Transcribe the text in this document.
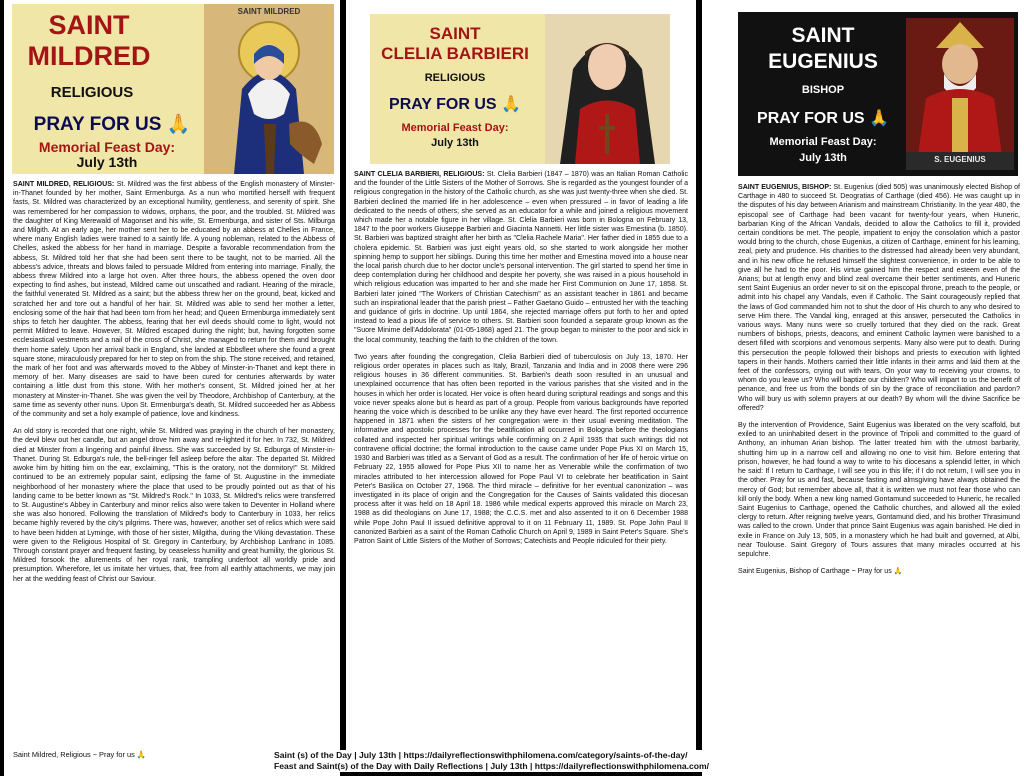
SAINT
MILDRED
RELIGIOUS
PRAY FOR US 🙏
Memorial Feast Day:
July 13th
SAINT MILDRED

SAINT MILDRED, RELIGIOUS: St. Mildred was the first abbess of the English monastery of Minster-in-Thanet founded by her mother, Saint Ermenburga. As a nun who mortified herself with frequent fasts, St. Mildred was characterized by an exceptional humility, gentleness, and serenity of spirit. She was remembered for her compassion to widows, orphans, the poor, and the troubled. St. Mildred was the daughter of King Merewald of Magonset and his wife, St. Ermenburga, and sister of Sts. Milburga and Milgith. At an early age, her mother sent her to be educated by an abbess at Chelles in France, where many English ladies were trained to a saintly life. A young nobleman, related to the Abbess of Chelles, asked the abbess for her hand in marriage. Despite a favorable recommendation from the abbess, St. Mildred told her that she had been sent there to be taught, not to be married. All the abbess's advice, threats and blows failed to persuade Mildred from entering into marriage. Finally, the abbess threw Mildred into a large hot oven. After three hours, the abbess opened the oven door expecting to find ashes, but instead, Mildred came out unscathed and radiant. Hearing of the miracle, the faithful venerated St. Mildred as a saint; but the abbess threw her on the ground, beat, kicked and scratched her and tore out a handful of her hair. St. Mildred was able to send her mother a letter, enclosing some of the hair that had been torn from her head; and Queen Ermenburga immediately sent ships to fetch her daughter. The abbess, fearing that her evil deeds should come to light, would not permit Mildred to leave. However, St. Mildred escaped during the night; but, having forgotten some ecclesiastical vestments and a nail of the cross of Christ, she managed to return for them and brought them home safely. Upon her arrival back in England, she landed at Ebbsfleet where she found a great square stone, miraculously prepared for her to step on from the ship. The stone received, and retained, the mark of her foot and was afterwards moved to the Abbey of Minster-in-Thanet and kept there in memory of her. Many diseases are said to have been cured for centuries afterwards by water containing a little dust from this stone. With her mother's consent, St. Mildred joined her at her monastery at Minster-in-Thanet. She was given the veil by Theodore, Archbishop of Canterbury, at the same time as seventy other nuns. Upon St. Ermenburga's death, St. Mildred succeeded her as Abbess of the community and set a holy example of patience, love and kindness.

An old story is recorded that one night, while St. Mildred was praying in the church of her monastery, the devil blew out her candle, but an angel drove him away and re-lighted it for her. In 732, St. Mildred died at Minster from a lingering and painful illness. She was succeeded by St. Edburga of Minster-in-Thanet. During St. Edburga's rule, the bell-ringer fell asleep before the altar. The departed St. Mildred awoke him by hitting him on the ear, exclaiming, "This is the oratory, not the dormitory!" St. Mildred continued to be an extremely popular saint, eclipsing the fame of St. Augustine in the immediate neighborhood of her monastery where the place that used to be proudly pointed out as that of his landing came to be better known as "St. Mildred's Rock." In 1033, St. Mildred's relics were transferred to St. Augustine's Abbey in Canterbury and minor relics also were taken to Deventer in Holland where she was also honored. Following the translation of Mildred's body to Canterbury in 1033, her relics became highly revered by the city's pilgrims. There was, however, another set of relics which were said to have been hidden at Lyminge, with those of her sister, Milgitha, during the Viking devastation. These were given to the Religious Hospital of St. Gregory in Canterbury, by Archbishop Lanfranc in 1085. Through constant prayer and frequent fasting, by ceaseless humility and great humility, the glorious St. Mildred forsook the allurements of her royal rank, trampling underfoot all worldly pride and presumption. Wherefore, let us imitate her virtues, that, free from all earthly attachments, we may join her at the wedding feast of Christ our Saviour.

Saint Mildred, Religious ~ Pray for us 🙏
SAINT
CLELIA BARBIERI
RELIGIOUS
PRAY FOR US 🙏
Memorial Feast Day:
July 13th

SAINT CLELIA BARBIERI, RELIGIOUS: St. Clelia Barbieri (1847 – 1870) was an Italian Roman Catholic and the founder of the Little Sisters of the Mother of Sorrows. She is regarded as the youngest founder of a religious congregation in the history of the Catholic church, as she was just twenty-three when she died. St. Barbieri declined the married life in her adolescence – even when pressured – in favor of leading a life dedicated to the needs of others; she served as an educator for a while and joined a religious movement which made her a notable figure in her village. St. Clelia Barbieri was born in Bologna on February 13, 1847 to the poor workers Giuseppe Barbieri and Giacinta Nannetti. Her little sister was Ernestina (b. 1850). St. Barbieri was baptized straight after her birth as "Clelia Rachele Maria". Her father died in 1855 due to a cholera epidemic. St. Barbieri was just eight years old, so she started to work alongside her mother spinning hemp to support her siblings. During this time her mother and Ernestina moved into a house near the local parish church due to her doctor uncle's personal intervention. The girl started to spend her time in deep contemplation during her childhood and despite her poverty, she was raised in a pious household in which religious education was imparted to her and she made her First Communion on June 17, 1858. St. Barbieri later joined "The Workers of Christian Catechism" as an assistant teacher in 1861 and became such an inspirational leader that the parish priest – Father Gaetano Guido – entrusted her with the teaching and guidance of girls in doctrine. Up until 1864, she rejected marriage offers put forth to her and opted instead to lead a pious life of service to others. St. Barbieri soon founded a separate group known as the "Suore Minime dell'Addolorata" (01-05-1868) aged 21. The group began to minister to the poor and sick in the local community, teaching the faith to the children of the town.

Two years after founding the congregation, Clelia Barbieri died of tuberculosis on July 13, 1870. Her religious order operates in places such as Italy, Brazil, Tanzania and India and in 2008 there were 296 religious houses in 36 different communities. St. Barbieri's death soon resulted in an unusual and unexplained occurrence that has often been reported in the various parishes that she visited and in the houses in which her order is located. Her voice is often heard during scriptural readings and songs and this voice never speaks alone but is heard as part of a group. People from various backgrounds have reported hearing the voice which is described to be unlike any they have ever heard. The first reported occurrence happened in 1871 when the sisters of her congregation were in their usual evening meditation. The informative and apostolic processes for the beatification all occurred in Bologna before the theologians collated and inspected her spiritual writings while confirming on 2 April 1935 that such writings did not contravene official doctrine; the formal introduction to the cause came under Pope Pius XI on March 15, 1930 and Barbieri was titled as a Servant of God as a result. The confirmation of her life of heroic virtue on February 22, 1955 allowed for Pope Pius XII to name her as Venerable while the confirmation of two miracles attributed to her intercession allowed for Pope Paul VI to celebrate her beatification in Saint Peter's Basilica on October 27, 1968. The third miracle – definitive for her eventual canonization – was investigated in its place of origin and the Congregation for the Causes of Saints validated this diocesan process after it was held on 18 April 18. 1986 while medical experts approved this miracle on March 23, 1988 as did theologians on June 17, 1988; the C.C.S. met and also assented to it on 6 December 1988 while Pope John Paul II issued definitive approval to it on 11 February 11, 1989. St. Pope John Paul II canonized Barbieri as a saint of the Roman Catholic Church on April 9, 1989 in Saint Peter's Square. She's Patron Saint of Little Sisters of the Mother of Sorrows; Catechists and People ridiculed for their piety.

SAINT
EUGENIUS
BISHOP
PRAY FOR US 🙏
Memorial Feast Day:
July 13th	S. EUGENIUS

SAINT EUGENIUS, BISHOP: St. Eugenius (died 505) was unanimously elected Bishop of Carthage in 480 to succeed St. Deogratias of Carthage (died 456). He was caught up in the disputes of his day between Arianism and mainstream Christianity. In the year 480, the episcopal see of Carthage had been vacant for twenty-four years, when Huneric, barbarian King of the African Vandals, decided to allow the Catholics to fill it, provided certain conditions be met. The people, impatient to enjoy the consolation which a pastor would bring to the church, chose Eugenius, a citizen of Carthage, eminent for his learning, zeal, piety and prudence. His charities to the distressed had already been very abundant, and in his new office he refused himself the slightest convenience, in order to be able to give all he had to the poor. His virtue gained him the respect and esteem even of the Arians; but at length envy and blind zeal overcame their better sentiments, and Huneric sent Saint Eugenius an order never to sit on the episcopal throne, preach to the people, or admit into his chapel any Vandals, even if Catholic. The Saint courageously replied that the laws of God commanded him not to shut the door of His church to any who desired to serve Him there. The Vandal king, enraged at this answer, persecuted the Catholics in various ways. Many nuns were so cruelly tortured that they died on the rack. Great numbers of bishops, priests, deacons, and eminent Catholic laymen were banished to a desert filled with scorpions and venomous serpents. Many also were put to death. During this persecution the people followed their bishops and priests to execution with lighted tapers in their hands. Mothers carried their little infants in their arms and laid them at the feet of the confessors, crying out with tears, On your way to receiving your crowns, to whom do you leave us? Who will baptize our children? Who will impart to us the benefit of penance, and free us from the bonds of sin by the grace of reconciliation and pardon? Who will bury us with solemn prayers at our death? By whom will the divine Sacrifice be offered?

By the intervention of Providence, Saint Eugenius was liberated on the very scaffold, but exiled to an uninhabited desert in the province of Tripoli and committed to the guard of Anthony, an inhuman Arian bishop. The latter treated him with the utmost barbarity, shutting him up in a narrow cell and allowing no one to visit him. Before entering that prison, however, he had found a way to write to his diocesans a splendid letter, in which he said: If I return to Carthage, I will see you in this life; if I do not return, I will see you in the other. Pray for us and fast, because fasting and almsgiving have always obtained the mercy of God; but remember above all, that it is written we must not fear those who can kill only the body. When a new king named Gontamund succeeded to Huneric, he recalled Saint Eugenius to Carthage, opened the Catholic churches, and allowed all the exiled clergy to return. After reigning twelve years, Gontamund died, and his brother Thrasimund was called to the crown. Under that prince Saint Eugenius was again banished. He died in exile in France on July 13, 505, in a monastery which he had built and governed, at Albi, near Toulouse. Saint Gregory of Tours assures that many miracles occurred at his sepulchre.

Saint Eugenius, Bishop of Carthage ~ Pray for us 🙏

Saint (s) of the Day | July 13th | https://dailyreflectionswithphilomena.com/category/saints-of-the-day/
Feast and Saint(s) of the Day with Daily Reflections | July 13th | https://dailyreflectionswithphilomena.com/
